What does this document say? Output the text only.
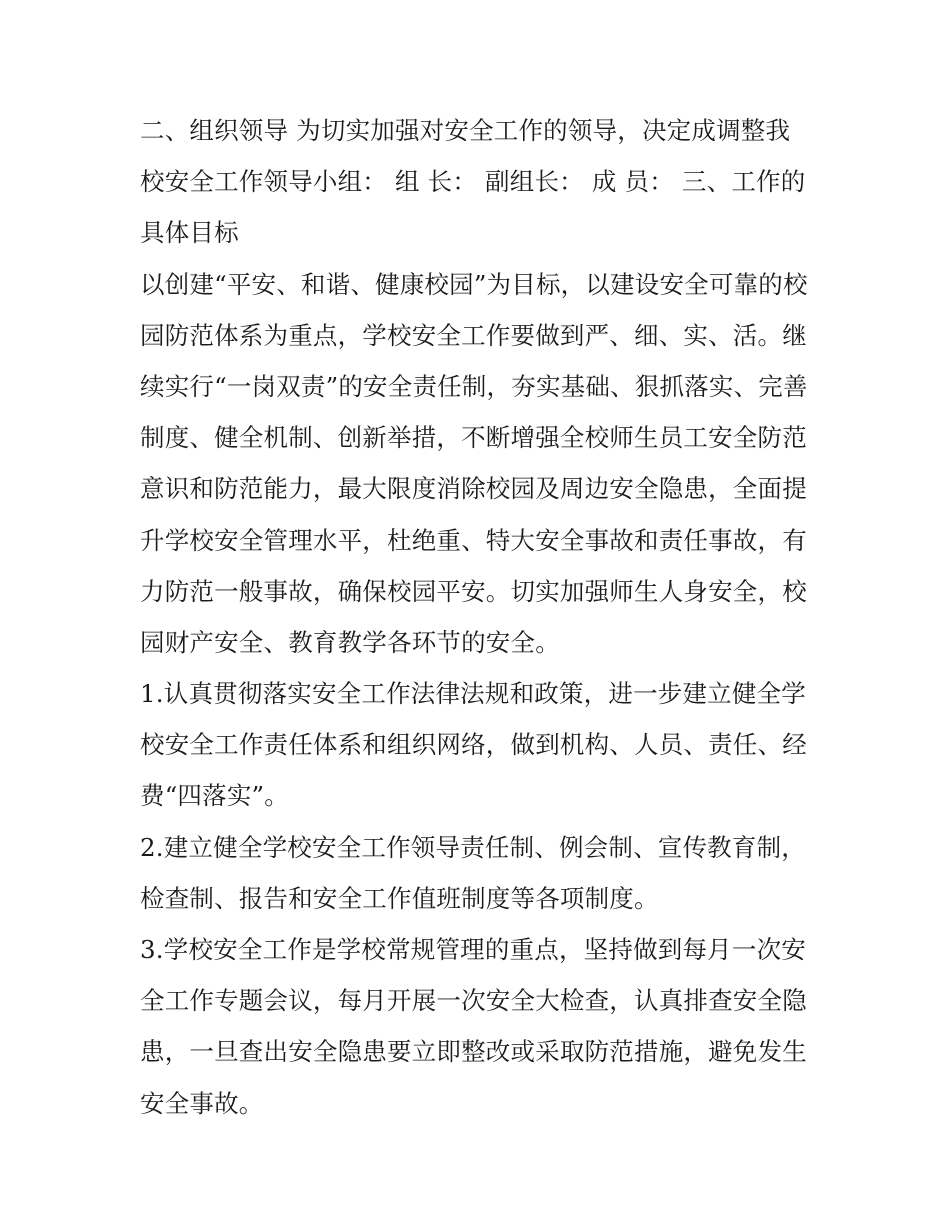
二、组织领导 为切实加强对安全工作的领导，决定成调整我
校安全工作领导小组： 组 长： 副组长： 成 员： 三、工作的
具体目标
以创建“平安、和谐、健康校园”为目标，以建设安全可靠的校
园防范体系为重点，学校安全工作要做到严、细、实、活。继
续实行“一岗双责”的安全责任制，夯实基础、狠抓落实、完善
制度、健全机制、创新举措，不断增强全校师生员工安全防范
意识和防范能力，最大限度消除校园及周边安全隐患，全面提
升学校安全管理水平，杜绝重、特大安全事故和责任事故，有
力防范一般事故，确保校园平安。切实加强师生人身安全，校
园财产安全、教育教学各环节的安全。
1.认真贯彻落实安全工作法律法规和政策，进一步建立健全学
校安全工作责任体系和组织网络，做到机构、人员、责任、经
费“四落实”。
2.建立健全学校安全工作领导责任制、例会制、宣传教育制，
检查制、报告和安全工作值班制度等各项制度。
3.学校安全工作是学校常规管理的重点，坚持做到每月一次安
全工作专题会议，每月开展一次安全大检查，认真排查安全隐
患，一旦查出安全隐患要立即整改或采取防范措施，避免发生
安全事故。
